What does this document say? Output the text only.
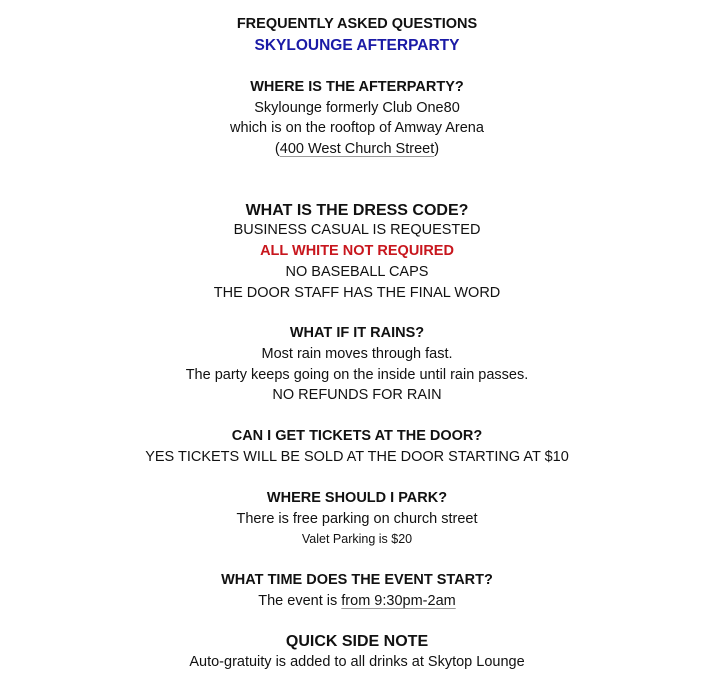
FREQUENTLY ASKED QUESTIONS
SKYLOUNGE AFTERPARTY
WHERE IS THE AFTERPARTY?
Skylounge formerly Club One80
which is on the rooftop of Amway Arena
(400 West Church Street)
WHAT IS THE DRESS CODE?
BUSINESS CASUAL IS REQUESTED
ALL WHITE NOT REQUIRED
NO BASEBALL CAPS
THE DOOR STAFF HAS THE FINAL WORD
WHAT IF IT RAINS?
Most rain moves through fast.
The party keeps going on the inside until rain passes.
NO REFUNDS FOR RAIN
CAN I GET TICKETS AT THE DOOR?
YES TICKETS WILL BE SOLD AT THE DOOR STARTING AT $10
WHERE SHOULD I PARK?
There is free parking on church street
Valet Parking is $20
WHAT TIME DOES THE EVENT START?
The event is from 9:30pm-2am
QUICK SIDE NOTE
Auto-gratuity is added to all drinks at Skytop Lounge
